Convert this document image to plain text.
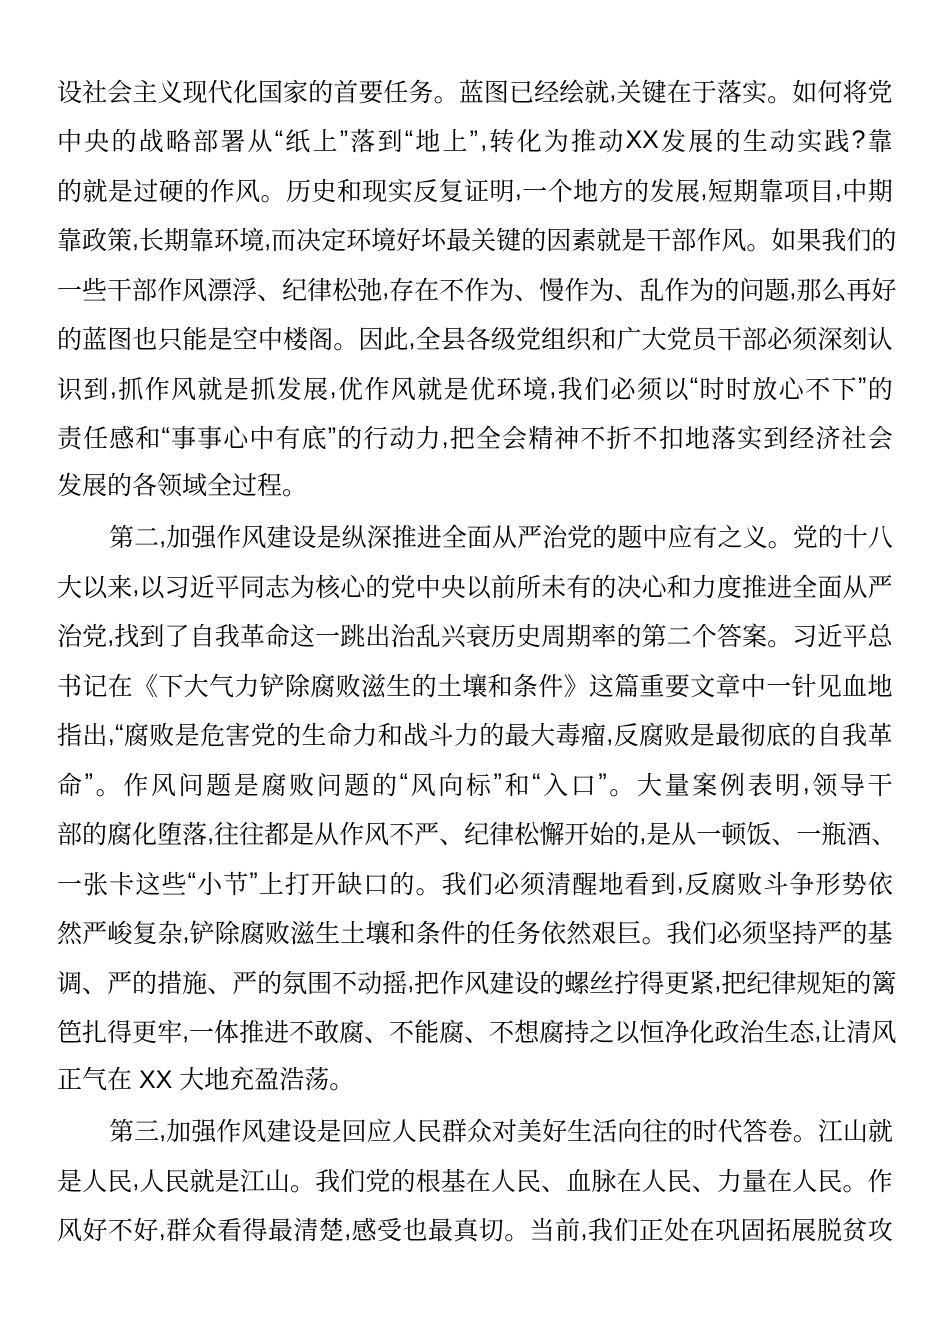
设 社 会 主 义 现 代 化 国 家 的 首 要 任 务 。 蓝 图 已 经 绘 就 , 关 键 在 于 落 实 。 如 何 将 党
中 央 的 战 略 部 署 从 “ 纸 上 ” 落 到 “ 地 上 ” , 转 化 为 推 动 XX 发 展 的 生 动 实 践 ? 靠
的 就 是 过 硬 的 作 风 。 历 史 和 现 实 反 复 证 明 , 一 个 地 方 的 发 展 , 短 期 靠 项 目 , 中 期
靠 政 策 , 长 期 靠 环 境 , 而 决 定 环 境 好 坏 最 关 键 的 因 素 就 是 干 部 作 风 。 如 果 我 们 的
一 些 干 部 作 风 漂 浮 、 纪 律 松 弛 , 存 在 不 作 为 、 慢 作 为 、 乱 作 为 的 问 题 , 那 么 再 好
的 蓝 图 也 只 能 是 空 中 楼 阁 。 因 此 , 全 县 各 级 党 组 织 和 广 大 党 员 干 部 必 须 深 刻 认
识 到 , 抓 作 风 就 是 抓 发 展 , 优 作 风 就 是 优 环 境 , 我 们 必 须 以 “ 时 时 放 心 不 下 ” 的
责 任 感 和 “ 事 事 心 中 有 底 ” 的 行 动 力 , 把 全 会 精 神 不 折 不 扣 地 落 实 到 经 济 社 会
发展的各领域全过程。
第 二 , 加 强 作 风 建 设 是 纵 深 推 进 全 面 从 严 治 党 的 题 中 应 有 之 义 。 党 的 十 八
大 以 来 , 以 习 近 平 同 志 为 核 心 的 党 中 央 以 前 所 未 有 的 决 心 和 力 度 推 进 全 面 从 严
治 党 , 找 到 了 自 我 革 命 这 一 跳 出 治 乱 兴 衰 历 史 周 期 率 的 第 二 个 答 案 。 习 近 平 总
书 记 在 《 下 大 气 力 铲 除 腐 败 滋 生 的 土 壤 和 条 件 》 这 篇 重 要 文 章 中 一 针 见 血 地
指 出 , “ 腐 败 是 危 害 党 的 生 命 力 和 战 斗 力 的 最 大 毒 瘤 , 反 腐 败 是 最 彻 底 的 自 我 革
命 ” 。 作 风 问 题 是 腐 败 问 题 的 “ 风 向 标 ” 和 “ 入 口 ” 。 大 量 案 例 表 明 , 领 导 干
部 的 腐 化 堕 落 , 往 往 都 是 从 作 风 不 严 、 纪 律 松 懈 开 始 的 , 是 从 一 顿 饭 、 一 瓶 酒 、
一 张 卡 这 些 “ 小 节 ” 上 打 开 缺 口 的 。 我 们 必 须 清 醒 地 看 到 , 反 腐 败 斗 争 形 势 依
然 严 峻 复 杂 , 铲 除 腐 败 滋 生 土 壤 和 条 件 的 任 务 依 然 艰 巨 。 我 们 必 须 坚 持 严 的 基
调 、 严 的 措 施 、 严 的 氛 围 不 动 摇 , 把 作 风 建 设 的 螺 丝 拧 得 更 紧 , 把 纪 律 规 矩 的 篱
笆 扎 得 更 牢 , 一 体 推 进 不 敢 腐 、 不 能 腐 、 不 想 腐 持 之 以 恒 净 化 政 治 生 态 , 让 清 风
正气在 XX 大地充盈浩荡。
第 三 , 加 强 作 风 建 设 是 回 应 人 民 群 众 对 美 好 生 活 向 往 的 时 代 答 卷 。 江 山 就
是 人 民 , 人 民 就 是 江 山 。 我 们 党 的 根 基 在 人 民 、 血 脉 在 人 民 、 力 量 在 人 民 。 作
风 好 不 好 , 群 众 看 得 最 清 楚 , 感 受 也 最 真 切 。 当 前 , 我 们 正 处 在 巩 固 拓 展 脱 贫 攻
